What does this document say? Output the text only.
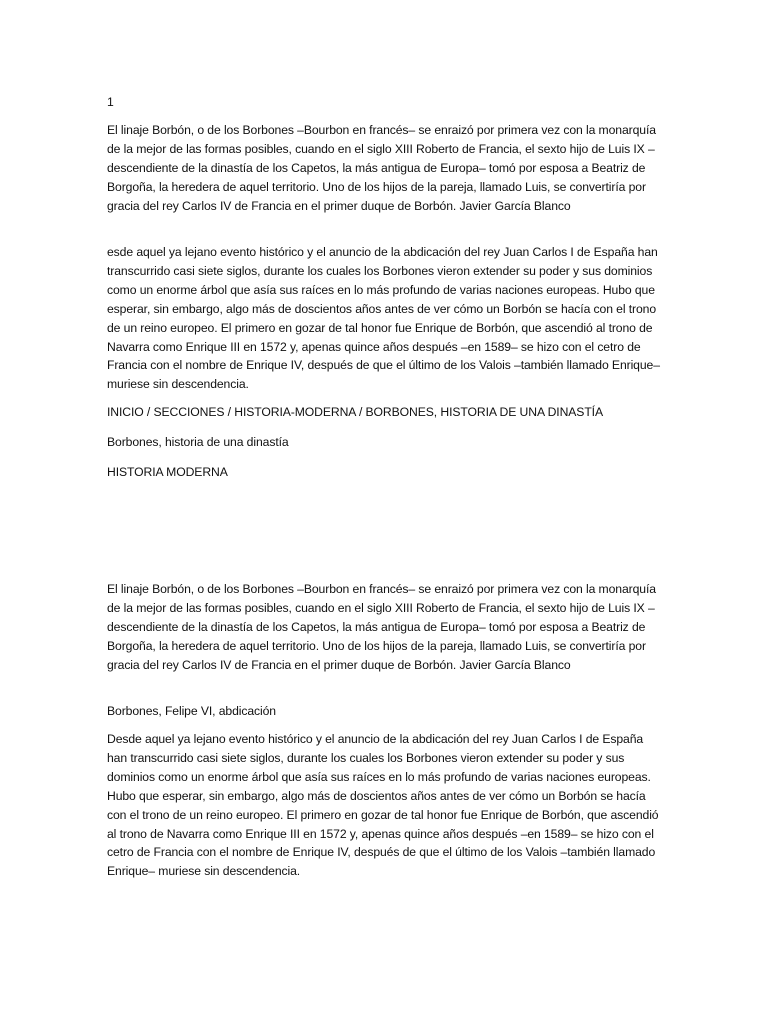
1

El linaje Borbón, o de los Borbones –Bourbon en francés– se enraizó por primera vez con la monarquía de la mejor de las formas posibles, cuando en el siglo XIII Roberto de Francia, el sexto hijo de Luis IX –descendiente de la dinastía de los Capetos, la más antigua de Europa– tomó por esposa a Beatriz de Borgoña, la heredera de aquel territorio. Uno de los hijos de la pareja, llamado Luis, se convertiría por gracia del rey Carlos IV de Francia en el primer duque de Borbón. Javier García Blanco

esde aquel ya lejano evento histórico y el anuncio de la abdicación del rey Juan Carlos I de España han transcurrido casi siete siglos, durante los cuales los Borbones vieron extender su poder y sus dominios como un enorme árbol que asía sus raíces en lo más profundo de varias naciones europeas. Hubo que esperar, sin embargo, algo más de doscientos años antes de ver cómo un Borbón se hacía con el trono de un reino europeo. El primero en gozar de tal honor fue Enrique de Borbón, que ascendió al trono de Navarra como Enrique III en 1572 y, apenas quince años después –en 1589– se hizo con el cetro de Francia con el nombre de Enrique IV, después de que el último de los Valois –también llamado Enrique– muriese sin descendencia.

INICIO / SECCIONES / HISTORIA-MODERNA / BORBONES, HISTORIA DE UNA DINASTÍA

Borbones, historia de una dinastía

HISTORIA MODERNA

El linaje Borbón, o de los Borbones –Bourbon en francés– se enraizó por primera vez con la monarquía de la mejor de las formas posibles, cuando en el siglo XIII Roberto de Francia, el sexto hijo de Luis IX –descendiente de la dinastía de los Capetos, la más antigua de Europa– tomó por esposa a Beatriz de Borgoña, la heredera de aquel territorio. Uno de los hijos de la pareja, llamado Luis, se convertiría por gracia del rey Carlos IV de Francia en el primer duque de Borbón. Javier García Blanco

Borbones, Felipe VI, abdicación

Desde aquel ya lejano evento histórico y el anuncio de la abdicación del rey Juan Carlos I de España han transcurrido casi siete siglos, durante los cuales los Borbones vieron extender su poder y sus dominios como un enorme árbol que asía sus raíces en lo más profundo de varias naciones europeas. Hubo que esperar, sin embargo, algo más de doscientos años antes de ver cómo un Borbón se hacía con el trono de un reino europeo. El primero en gozar de tal honor fue Enrique de Borbón, que ascendió al trono de Navarra como Enrique III en 1572 y, apenas quince años después –en 1589– se hizo con el cetro de Francia con el nombre de Enrique IV, después de que el último de los Valois –también llamado Enrique– muriese sin descendencia.
